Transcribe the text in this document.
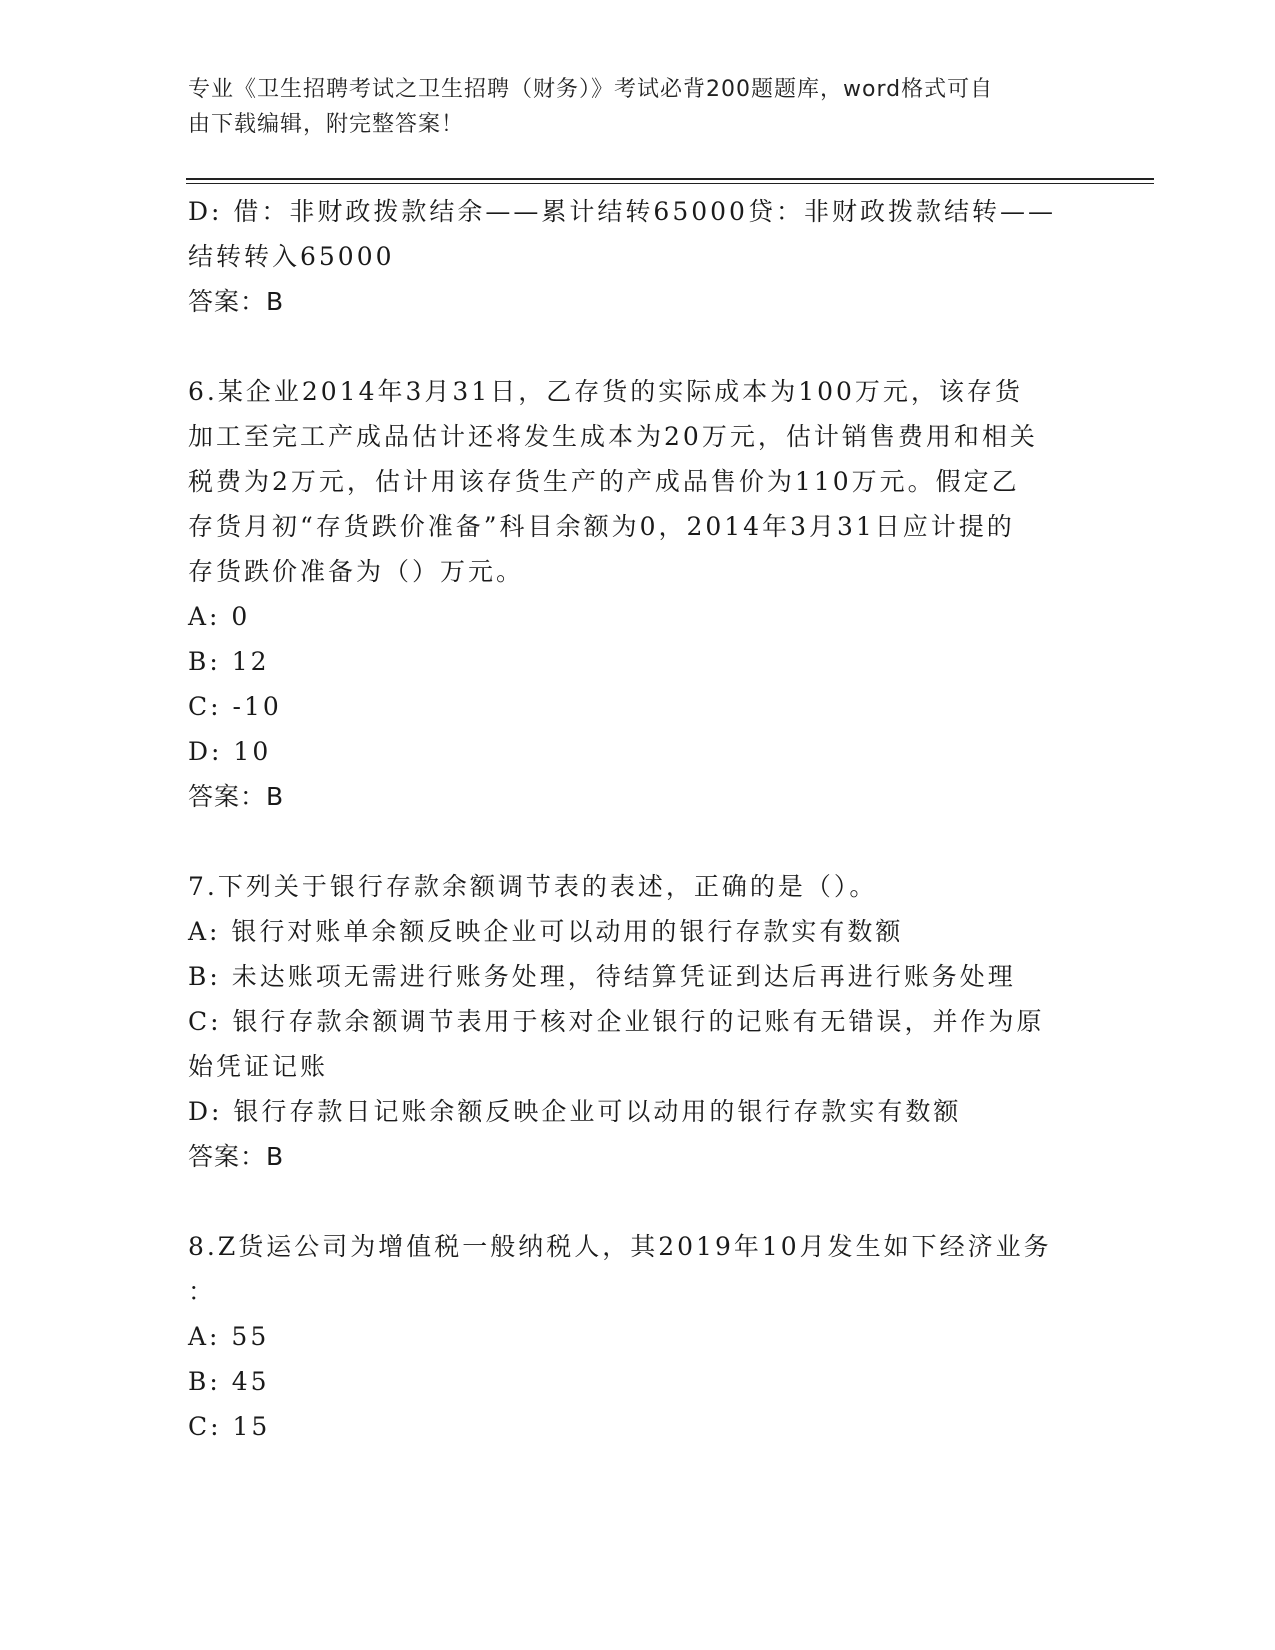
专业《卫生招聘考试之卫生招聘（财务）》考试必背200题题库，word格式可自
由下载编辑，附完整答案！
D: 借：非财政拨款结余——累计结转65000贷：非财政拨款结转——
结转转入65000
答案：B
6.某企业2014年3月31日，乙存货的实际成本为100万元，该存货
加工至完工产成品估计还将发生成本为20万元，估计销售费用和相关
税费为2万元，估计用该存货生产的产成品售价为110万元。假定乙
存货月初“存货跌价准备”科目余额为0，2014年3月31日应计提的
存货跌价准备为（）万元。
A: 0
B: 12
C: -10
D: 10
答案：B
7.下列关于银行存款余额调节表的表述，正确的是（）。
A: 银行对账单余额反映企业可以动用的银行存款实有数额
B: 未达账项无需进行账务处理，待结算凭证到达后再进行账务处理
C: 银行存款余额调节表用于核对企业银行的记账有无错误，并作为原
始凭证记账
D: 银行存款日记账余额反映企业可以动用的银行存款实有数额
答案：B
8.Z货运公司为增值税一般纳税人，其2019年10月发生如下经济业务
：
A: 55
B: 45
C: 15
